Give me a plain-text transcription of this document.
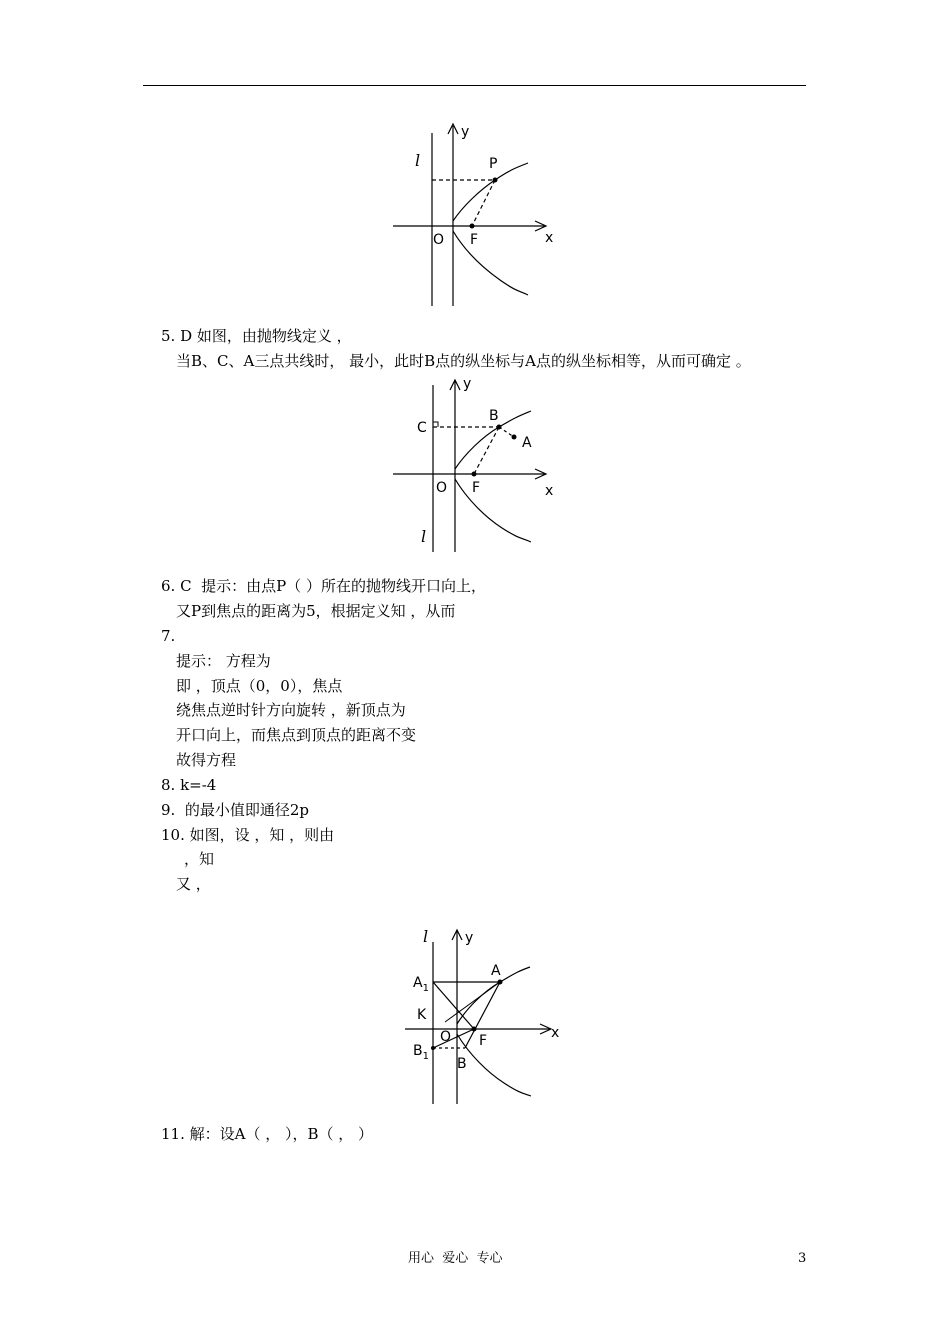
l
y
P
O F	x
5. D 如图，由抛物线定义 ，
当B、C、A三点共线时， 最小，此时B点的纵坐标与A点的纵坐标相等，从而可确定 。
C
y
B
A
O F	x
l
6. C  提示：由点P（ ）所在的抛物线开口向上，
又P到焦点的距离为5，根据定义知 ，从而
7.
提示： 方程为
即 ，顶点（0，0），焦点
绕焦点逆时针方向旋转 ，新顶点为
开口向上，而焦点到顶点的距离不变
故得方程
8. k=-4
9.  的最小值即通径2p
10. 如图，设 ，知 ，则由
，知
又 ，
l	y
$A_1$
A
K
O F	x
$B_1$ B
11. 解：设A（ ， ），B（ ， ）
用心  爱心  专心	3
